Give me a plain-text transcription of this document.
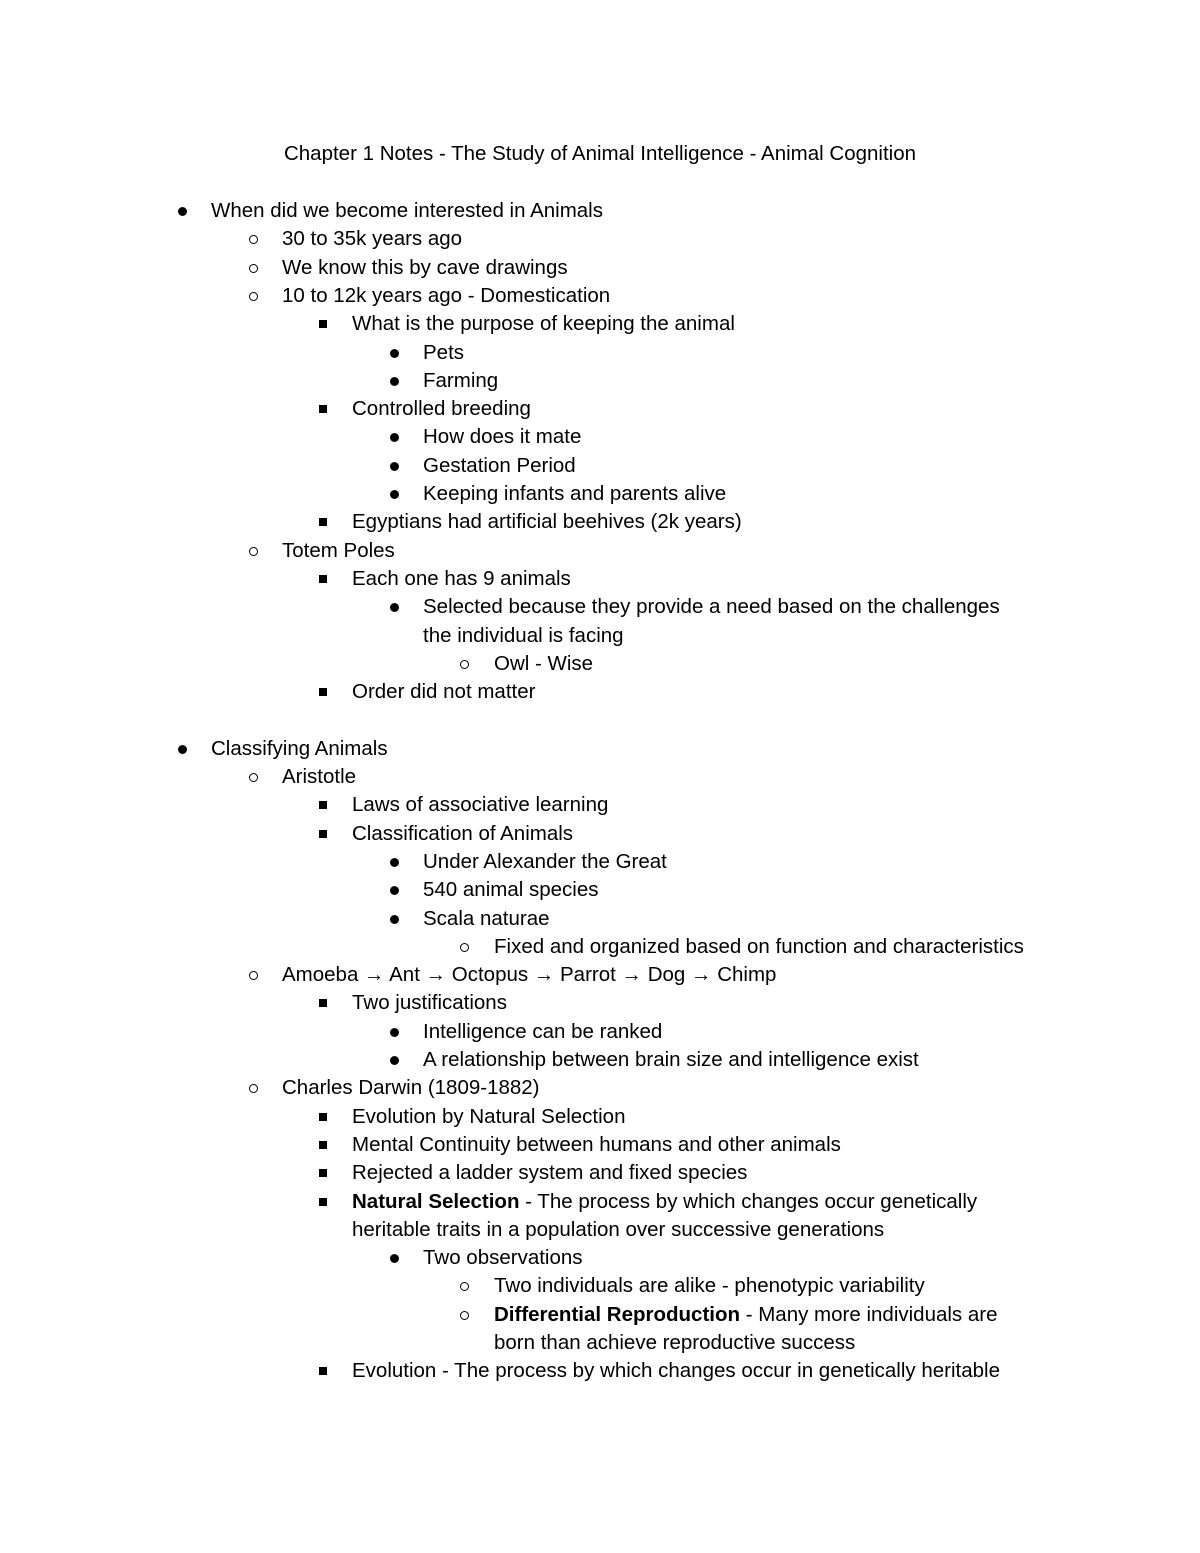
Chapter 1 Notes - The Study of Animal Intelligence - Animal Cognition
When did we become interested in Animals
30 to 35k years ago
We know this by cave drawings
10 to 12k years ago - Domestication
What is the purpose of keeping the animal
Pets
Farming
Controlled breeding
How does it mate
Gestation Period
Keeping infants and parents alive
Egyptians had artificial beehives (2k years)
Totem Poles
Each one has 9 animals
Selected because they provide a need based on the challenges
the individual is facing
Owl - Wise
Order did not matter
Classifying Animals
Aristotle
Laws of associative learning
Classification of Animals
Under Alexander the Great
540 animal species
Scala naturae
Fixed and organized based on function and characteristics
Amoeba → Ant → Octopus → Parrot → Dog → Chimp
Two justifications
Intelligence can be ranked
A relationship between brain size and intelligence exist
Charles Darwin (1809-1882)
Evolution by Natural Selection
Mental Continuity between humans and other animals
Rejected a ladder system and fixed species
Natural Selection - The process by which changes occur genetically
heritable traits in a population over successive generations
Two observations
Two individuals are alike - phenotypic variability
Differential Reproduction - Many more individuals are
born than achieve reproductive success
Evolution - The process by which changes occur in genetically heritable
